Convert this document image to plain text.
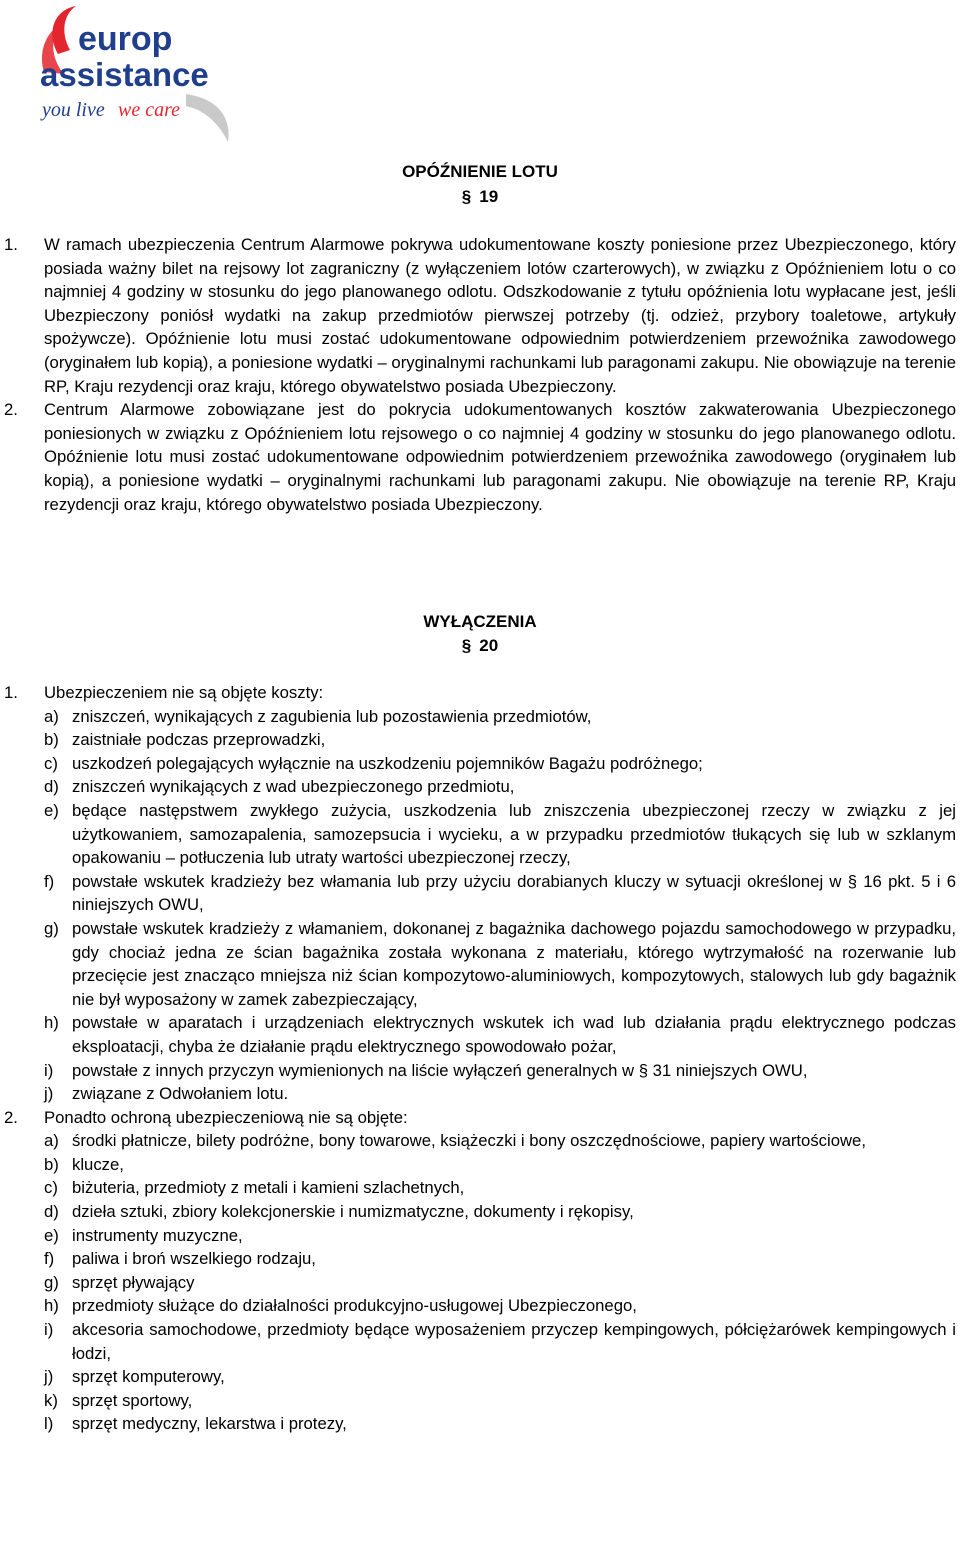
europ
assistance
you live we care
OPÓŹNIENIE LOTU
§ 19
1. W ramach ubezpieczenia Centrum Alarmowe pokrywa udokumentowane koszty poniesione przez Ubezpieczonego, który posiada ważny bilet na rejsowy lot zagraniczny (z wyłączeniem lotów czarterowych), w związku z Opóźnieniem lotu o co najmniej 4 godziny w stosunku do jego planowanego odlotu. Odszkodowanie z tytułu opóźnienia lotu wypłacane jest, jeśli Ubezpieczony poniósł wydatki na zakup przedmiotów pierwszej potrzeby (tj. odzież, przybory toaletowe, artykuły spożywcze). Opóźnienie lotu musi zostać udokumentowane odpowiednim potwierdzeniem przewoźnika zawodowego (oryginałem lub kopią), a poniesione wydatki – oryginalnymi rachunkami lub paragonami zakupu. Nie obowiązuje na terenie RP, Kraju rezydencji oraz kraju, którego obywatelstwo posiada Ubezpieczony.
2. Centrum Alarmowe zobowiązane jest do pokrycia udokumentowanych kosztów zakwaterowania Ubezpieczonego poniesionych w związku z Opóźnieniem lotu rejsowego o co najmniej 4 godziny w stosunku do jego planowanego odlotu. Opóźnienie lotu musi zostać udokumentowane odpowiednim potwierdzeniem przewoźnika zawodowego (oryginałem lub kopią), a poniesione wydatki – oryginalnymi rachunkami lub paragonami zakupu. Nie obowiązuje na terenie RP, Kraju rezydencji oraz kraju, którego obywatelstwo posiada Ubezpieczony.
WYŁĄCZENIA
§ 20
1. Ubezpieczeniem nie są objęte koszty:
a) zniszczeń, wynikających z zagubienia lub pozostawienia przedmiotów,
b) zaistniałe podczas przeprowadzki,
c) uszkodzeń polegających wyłącznie na uszkodzeniu pojemników Bagażu podróżnego;
d) zniszczeń wynikających z wad ubezpieczonego przedmiotu,
e) będące następstwem zwykłego zużycia, uszkodzenia lub zniszczenia ubezpieczonej rzeczy w związku z jej użytkowaniem, samozapalenia, samozepsucia i wycieku, a w przypadku przedmiotów tłukących się lub w szklanym opakowaniu – potłuczenia lub utraty wartości ubezpieczonej rzeczy,
f) powstałe wskutek kradzieży bez włamania lub przy użyciu dorabianych kluczy w sytuacji określonej w § 16 pkt. 5 i 6 niniejszych OWU,
g) powstałe wskutek kradzieży z włamaniem, dokonanej z bagażnika dachowego pojazdu samochodowego w przypadku, gdy chociaż jedna ze ścian bagażnika została wykonana z materiału, którego wytrzymałość na rozerwanie lub przecięcie jest znacząco mniejsza niż ścian kompozytowo-aluminiowych, kompozytowych, stalowych lub gdy bagażnik nie był wyposażony w zamek zabezpieczający,
h) powstałe w aparatach i urządzeniach elektrycznych wskutek ich wad lub działania prądu elektrycznego podczas eksploatacji, chyba że działanie prądu elektrycznego spowodowało pożar,
i) powstałe z innych przyczyn wymienionych na liście wyłączeń generalnych w § 31 niniejszych OWU,
j) związane z Odwołaniem lotu.
2. Ponadto ochroną ubezpieczeniową nie są objęte:
a) środki płatnicze, bilety podróżne, bony towarowe, książeczki i bony oszczędnościowe, papiery wartościowe,
b) klucze,
c) biżuteria, przedmioty z metali i kamieni szlachetnych,
d) dzieła sztuki, zbiory kolekcjonerskie i numizmatyczne, dokumenty i rękopisy,
e) instrumenty muzyczne,
f) paliwa i broń wszelkiego rodzaju,
g) sprzęt pływający
h) przedmioty służące do działalności produkcyjno-usługowej Ubezpieczonego,
i) akcesoria samochodowe, przedmioty będące wyposażeniem przyczep kempingowych, półciężarówek kempingowych i łodzi,
j) sprzęt komputerowy,
k) sprzęt sportowy,
l) sprzęt medyczny, lekarstwa i protezy,
